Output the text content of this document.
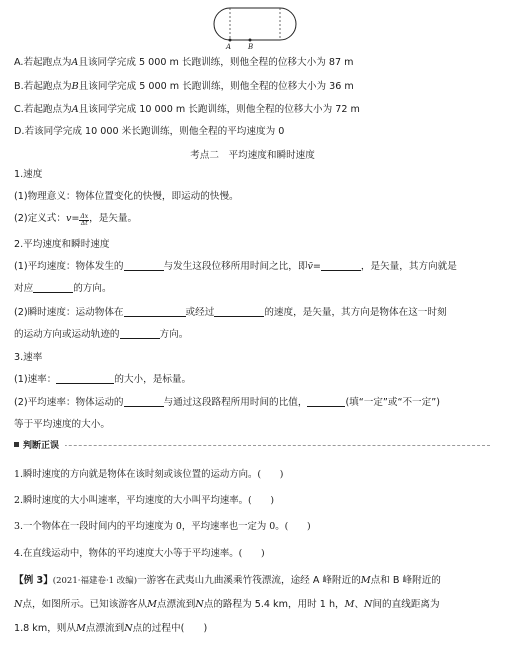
A B
A.若起跑点为A且该同学完成 5 000 m 长跑训练，则他全程的位移大小为 87 m
B.若起跑点为B且该同学完成 5 000 m 长跑训练，则他全程的位移大小为 36 m
C.若起跑点为A且该同学完成 10 000 m 长跑训练，则他全程的位移大小为 72 m
D.若该同学完成 10 000 米长跑训练，则他全程的平均速度为 0
考点二　平均速度和瞬时速度
1.速度
(1)物理意义：物体位置变化的快慢，即运动的快慢。
(2)定义式：$v= \frac{\Delta x}{\Delta t}$ ，是矢量。
2.平均速度和瞬时速度
(1)平均速度：物体发生的	与发生这段位移所用时间之比，即v̄=	，是矢量，其方向就是
对应	的方向。
(2)瞬时速度：运动物体在	或经过	的速度，是矢量，其方向是物体在这一时刻
的运动方向或运动轨迹的	方向。
3.速率
(1)速率：	的大小，是标量。
(2)平均速率：物体运动的	与通过这段路程所用时间的比值，	(填“一定”或“不一定”)
等于平均速度的大小。
判断正误
1.瞬时速度的方向就是物体在该时刻或该位置的运动方向。(　　)
2.瞬时速度的大小叫速率，平均速度的大小叫平均速率。(　　)
3.一个物体在一段时间内的平均速度为 0，平均速率也一定为 0。(　　)
4.在直线运动中，物体的平均速度大小等于平均速率。(　　)
【例 3】(2021·福建卷·1 改编)一游客在武夷山九曲溪乘竹筏漂流，途经 A 峰附近的M点和 B 峰附近的
N点，如图所示。已知该游客从M点漂流到N点的路程为 5.4 km，用时 1 h，M、N间的直线距离为
1.8 km，则从M点漂流到N点的过程中(　　)
